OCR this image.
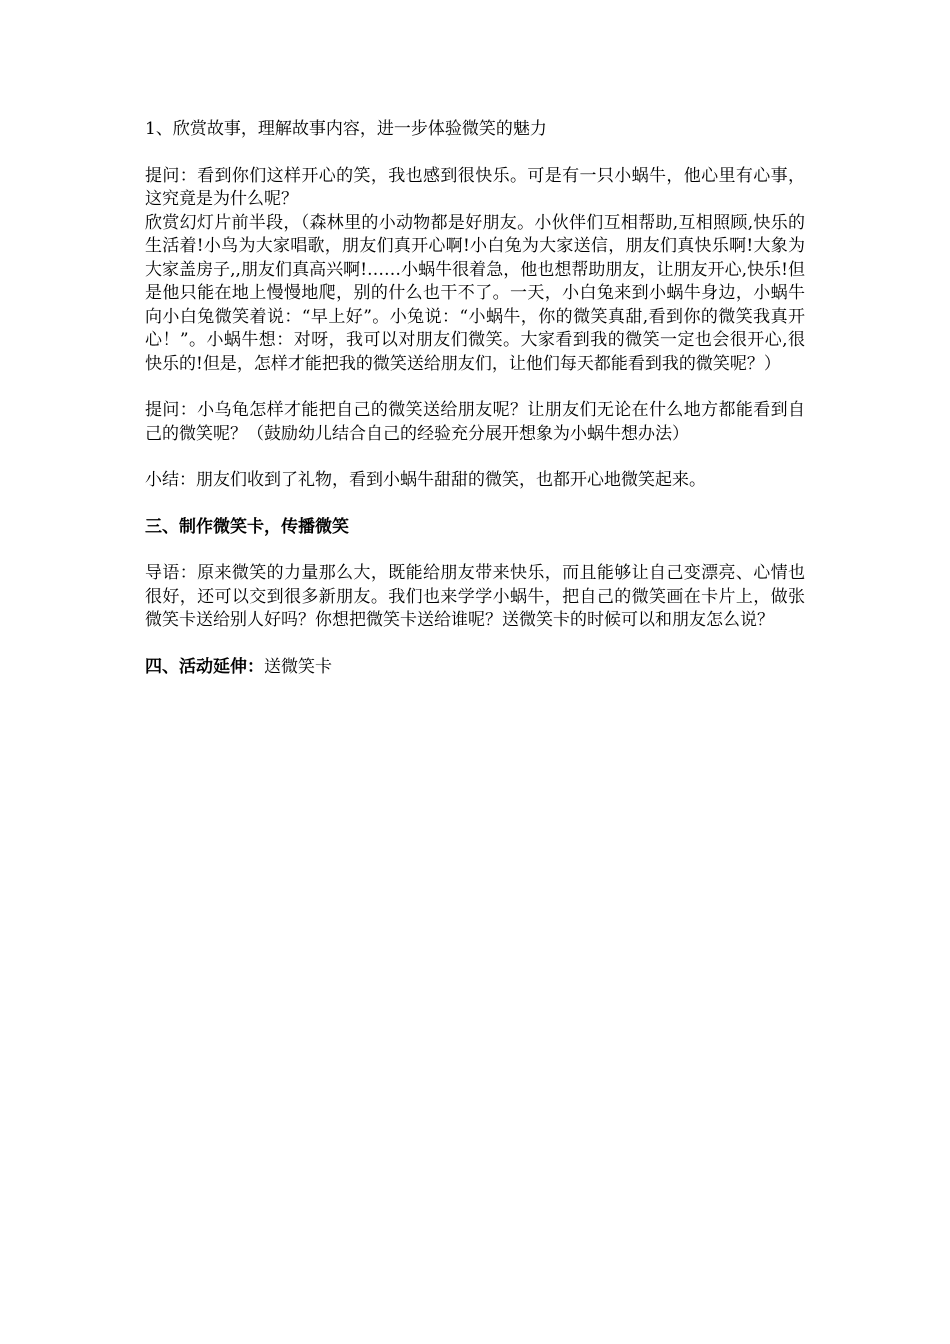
1、欣赏故事，理解故事内容，进一步体验微笑的魅力

提问：看到你们这样开心的笑，我也感到很快乐。可是有一只小蜗牛，他心里有心事，这究竟是为什么呢？

欣赏幻灯片前半段，（森林里的小动物都是好朋友。小伙伴们互相帮助,互相照顾,快乐的生活着!小鸟为大家唱歌，朋友们真开心啊!小白兔为大家送信，朋友们真快乐啊!大象为大家盖房子,,朋友们真高兴啊!……小蜗牛很着急，他也想帮助朋友，让朋友开心,快乐!但是他只能在地上慢慢地爬，别的什么也干不了。一天，小白兔来到小蜗牛身边，小蜗牛向小白兔微笑着说：“早上好”。小兔说：“小蜗牛，你的微笑真甜,看到你的微笑我真开心！”。小蜗牛想：对呀，我可以对朋友们微笑。大家看到我的微笑一定也会很开心,很快乐的!但是，怎样才能把我的微笑送给朋友们，让他们每天都能看到我的微笑呢？）

提问：小乌龟怎样才能把自己的微笑送给朋友呢？让朋友们无论在什么地方都能看到自己的微笑呢？（鼓励幼儿结合自己的经验充分展开想象为小蜗牛想办法）

小结：朋友们收到了礼物，看到小蜗牛甜甜的微笑，也都开心地微笑起来。

三、制作微笑卡，传播微笑

导语：原来微笑的力量那么大，既能给朋友带来快乐，而且能够让自己变漂亮、心情也很好，还可以交到很多新朋友。我们也来学学小蜗牛，把自己的微笑画在卡片上，做张微笑卡送给别人好吗？你想把微笑卡送给谁呢？送微笑卡的时候可以和朋友怎么说？

四、活动延伸：送微笑卡
